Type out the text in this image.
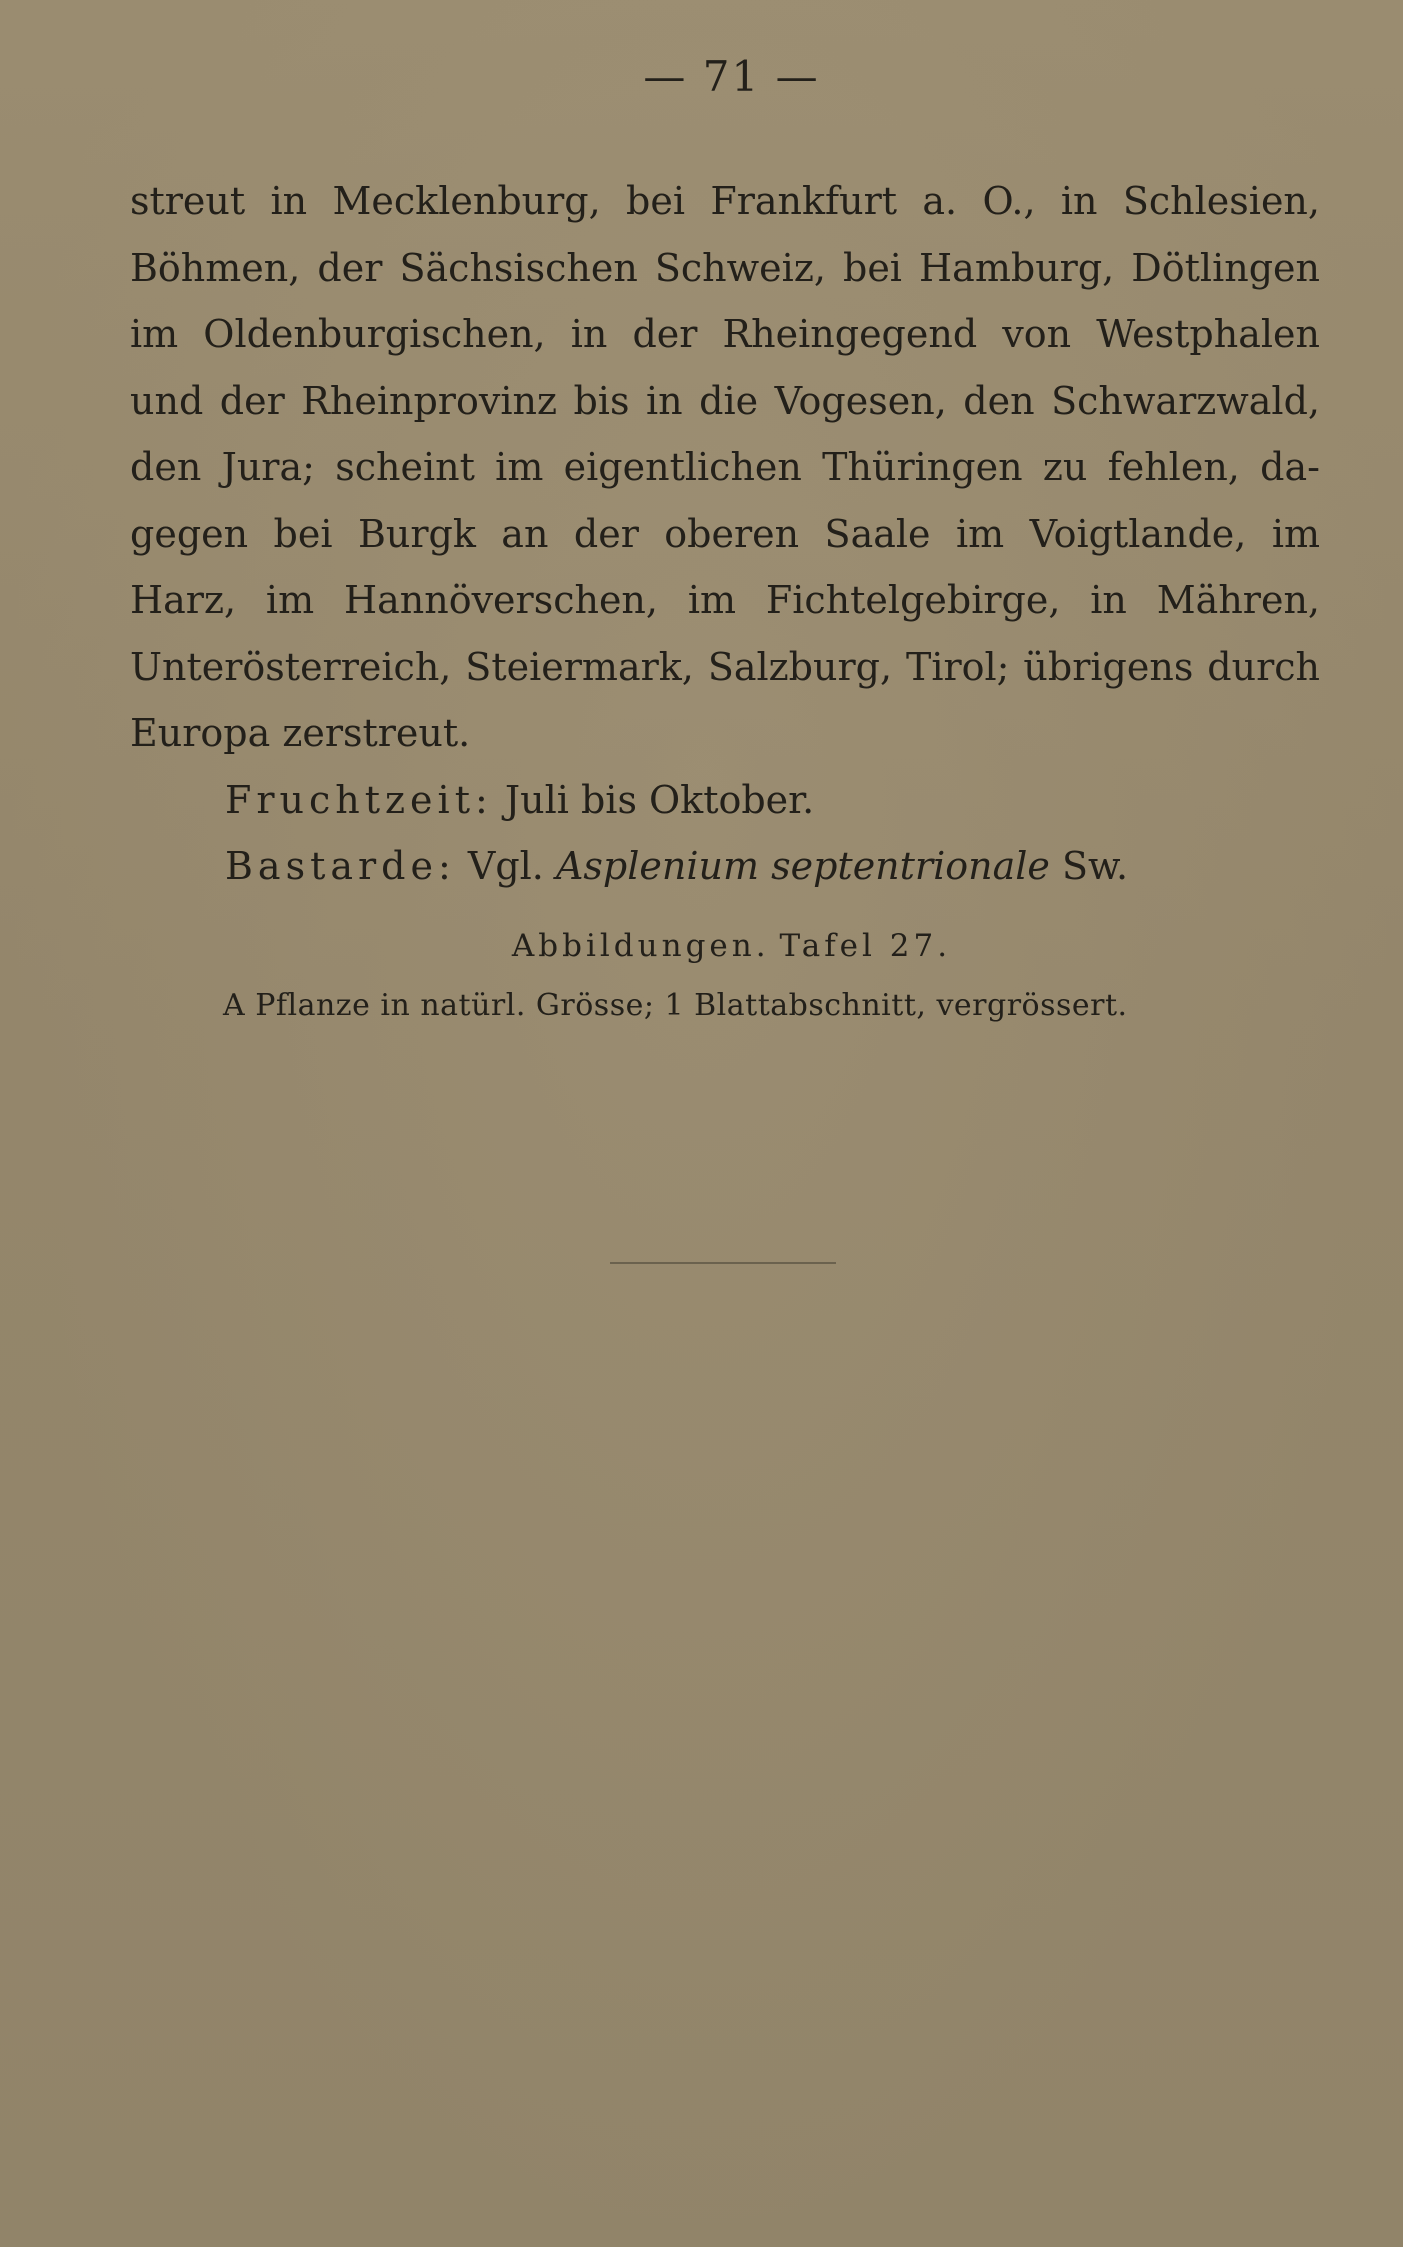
— 71 —
streut in Mecklenburg, bei Frankfurt a. O., in Schlesien,
Böhmen, der Sächsischen Schweiz, bei Hamburg, Dötlingen
im Oldenburgischen, in der Rheingegend von Westphalen
und der Rheinprovinz bis in die Vogesen, den Schwarzwald,
den Jura; scheint im eigentlichen Thüringen zu fehlen, da-
gegen bei Burgk an der oberen Saale im Voigtlande, im
Harz, im Hannöverschen, im Fichtelgebirge, in Mähren,
Unterösterreich, Steiermark, Salzburg, Tirol; übrigens durch
Europa zerstreut.
Fruchtzeit: Juli bis Oktober.
Bastarde: Vgl. Asplenium septentrionale Sw.
Abbildungen. Tafel 27.
A Pflanze in natürl. Grösse; 1 Blattabschnitt, vergrössert.
